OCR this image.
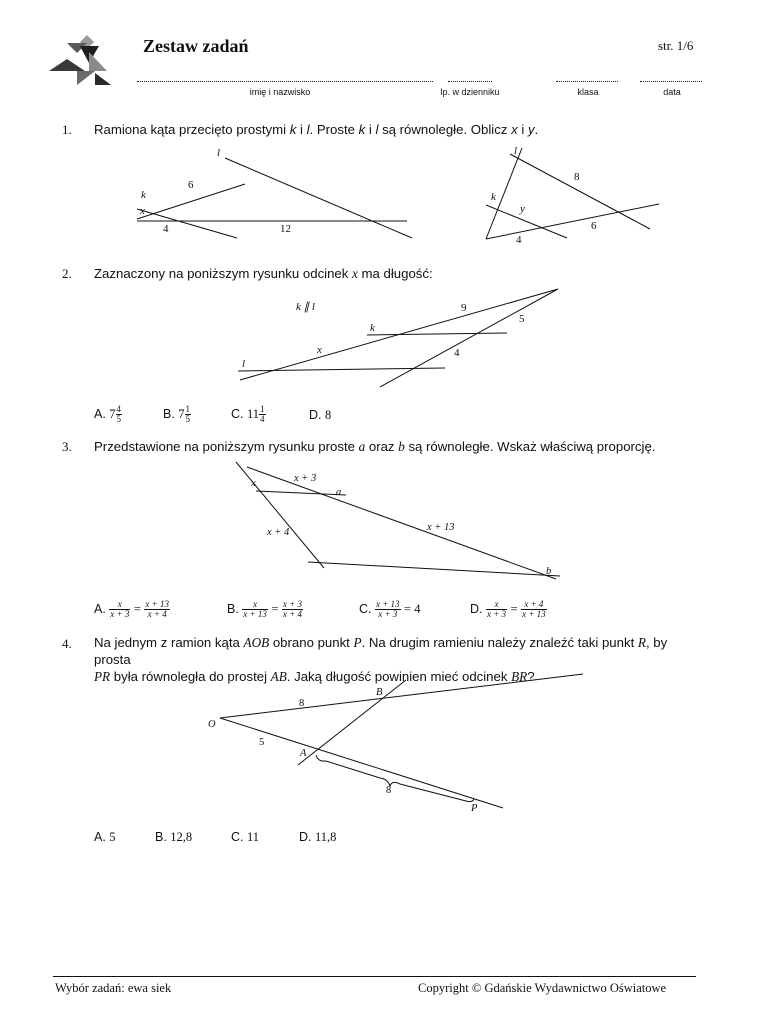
Zestaw zadań	str. 1/6
imię i nazwisko	lp. w dzienniku	klasa	data
1. Ramiona kąta przecięto prostymi k i l. Proste k i l są równoległe. Oblicz x i y.
l
k
x
6
4	12
l
k
y
8
4
6
2. Zaznaczony na poniższym rysunku odcinek x ma długość:
k ∥ l
k
l
x
9
5
4
A. $7 \frac{4}{5}$	B. $7 \frac{1}{5}$	C. $11 \frac{1}{4}$	D. 8
3. Przedstawione na poniższym rysunku proste a oraz b są równoległe. Wskaż właściwą proporcję.
x	x + 3
a
x + 4	x + 13
b
A. $\frac{x}{x + 3} = \frac{x + 13}{x + 4}$	B. $\frac{x}{x + 13} = \frac{x + 3}{x + 4}$	C. $\frac{x + 13}{x + 3} = 4$	D. $\frac{x}{x + 3} = \frac{x + 4}{x + 13}$
4. Na jednym z ramion kąta AOB obrano punkt P. Na drugim ramieniu należy znaleźć taki punkt R, by prosta
PR była równoległa do prostej AB. Jaką długość powinien mieć odcinek BR?
O
B
A
P
8
5
8
A. 5	B. 12,8	C. 11	D. 11,8
Wybór zadań: ewa siek	Copyright © Gdańskie Wydawnictwo Oświatowe
